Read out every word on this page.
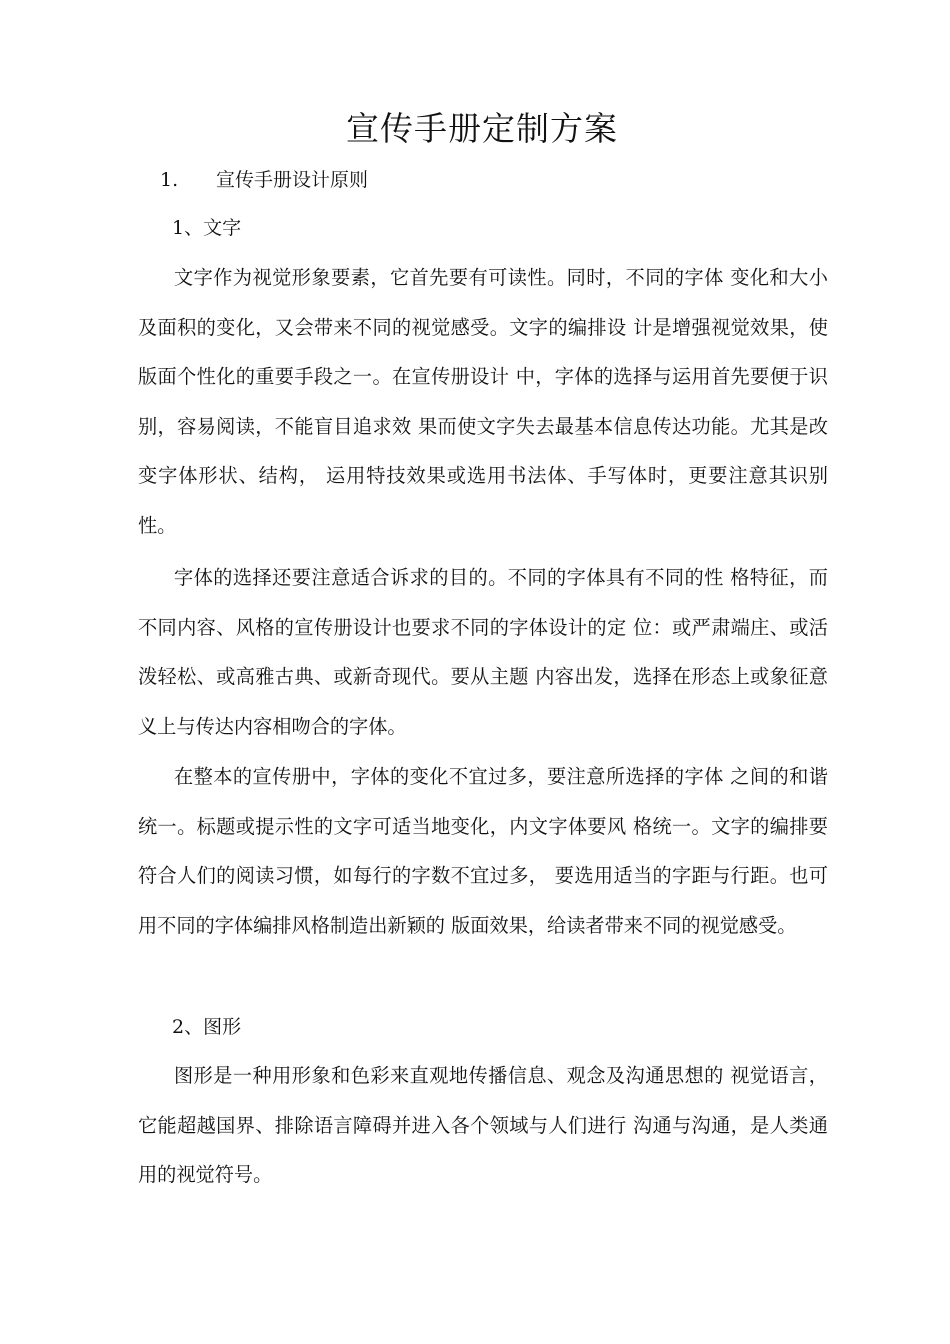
宣传手册定制方案
1. 宣传手册设计原则
1、文字

文字作为视觉形象要素，它首先要有可读性。同时，不同的字体 变化和大小及面积的变化，又会带来不同的视觉感受。文字的编排设 计是增强视觉效果，使版面个性化的重要手段之一。在宣传册设计 中，字体的选择与运用首先要便于识别，容易阅读，不能盲目追求效 果而使文字失去最基本信息传达功能。尤其是改变字体形状、结构， 运用特技效果或选用书法体、手写体时，更要注意其识别性。

字体的选择还要注意适合诉求的目的。不同的字体具有不同的性 格特征，而不同内容、风格的宣传册设计也要求不同的字体设计的定 位：或严肃端庄、或活泼轻松、或高雅古典、或新奇现代。要从主题 内容出发，选择在形态上或象征意义上与传达内容相吻合的字体。

在整本的宣传册中，字体的变化不宜过多，要注意所选择的字体 之间的和谐统一。标题或提示性的文字可适当地变化，内文字体要风 格统一。文字的编排要符合人们的阅读习惯，如每行的字数不宜过多， 要选用适当的字距与行距。也可用不同的字体编排风格制造出新颖的 版面效果，给读者带来不同的视觉感受。

2、图形

图形是一种用形象和色彩来直观地传播信息、观念及沟通思想的 视觉语言，它能超越国界、排除语言障碍并进入各个领域与人们进行 沟通与沟通，是人类通用的视觉符号。
